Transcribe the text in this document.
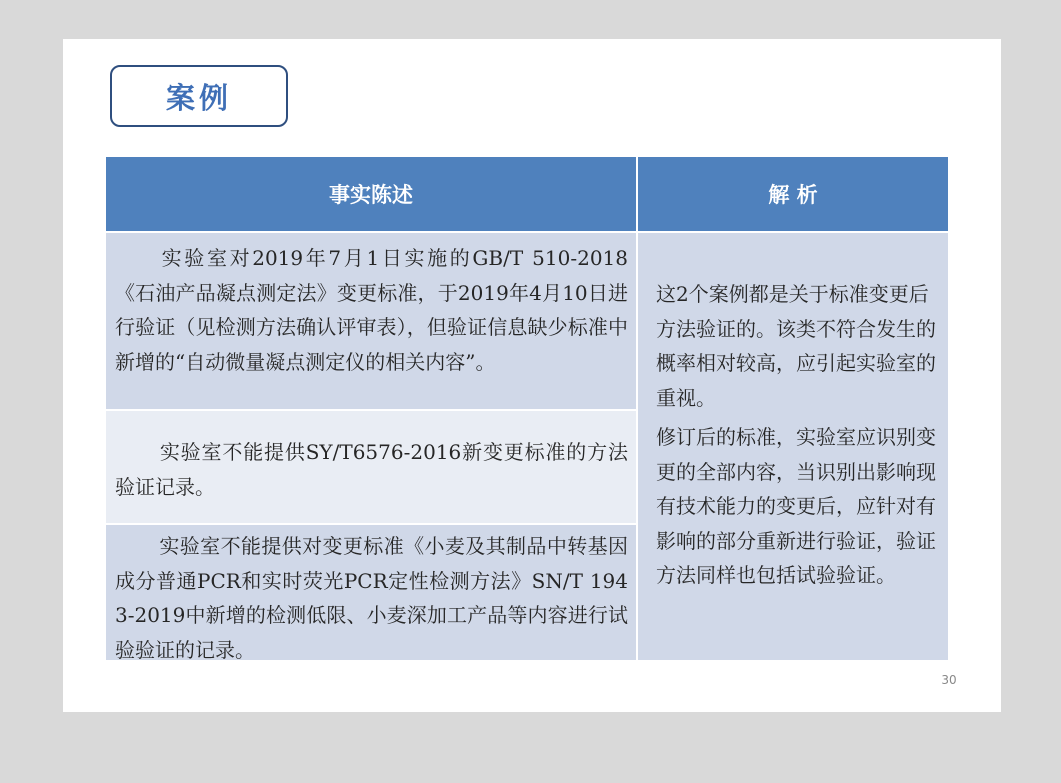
案例
事实陈述	解 析
实验室对2019年7月1日实施的GB/T 510-2018《石油产品凝点测定法》变更标准，于2019年4月10日进行验证（见检测方法确认评审表），但验证信息缺少标准中新增的“自动微量凝点测定仪的相关内容”。
实验室不能提供SY/T6576-2016新变更标准的方法验证记录。
实验室不能提供对变更标准《小麦及其制品中转基因成分普通PCR和实时荧光PCR定性检测方法》SN/T 1943-2019中新增的检测低限、小麦深加工产品等内容进行试验验证的记录。

这2个案例都是关于标准变更后方法验证的。该类不符合发生的概率相对较高，应引起实验室的重视。

修订后的标准，实验室应识别变更的全部内容，当识别出影响现有技术能力的变更后，应针对有影响的部分重新进行验证，验证方法同样也包括试验验证。

30
